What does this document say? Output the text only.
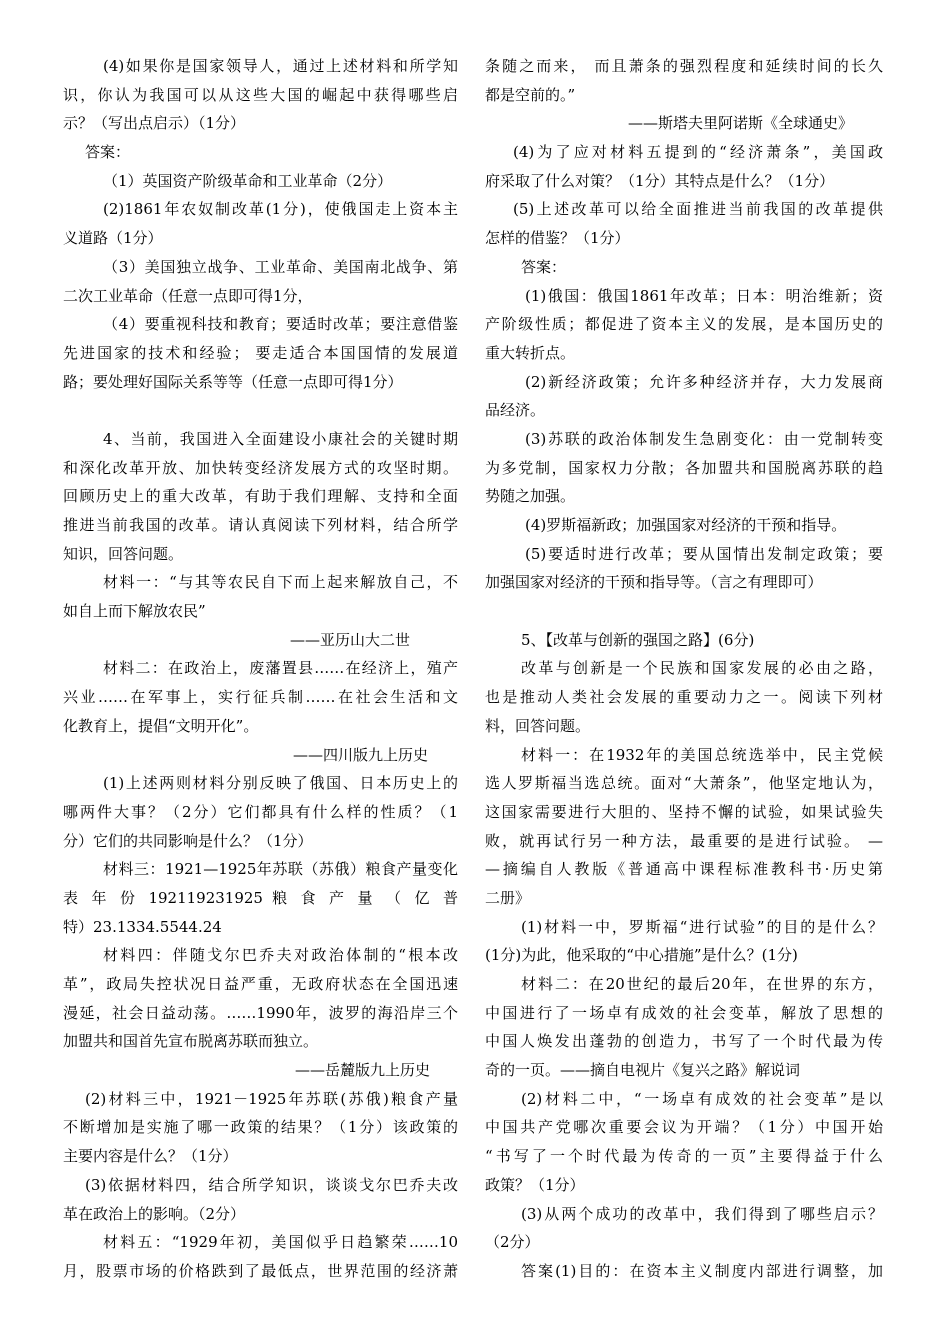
(4)如果你是国家领导人，通过上述材料和所学知
识，你认为我国可以从这些大国的崛起中获得哪些启
示？（写出点启示）（1分）
答案：
（1）英国资产阶级革命和工业革命（2分）
(2)1861年农奴制改革(1分)，使俄国走上资本主
义道路（1分）
（3）美国独立战争、工业革命、美国南北战争、第
二次工业革命（任意一点即可得1分，
（4）要重视科技和教育；要适时改革；要注意借鉴
先进国家的技术和经验； 要走适合本国国情的发展道
路；要处理好国际关系等等（任意一点即可得1分）
4、当前，我国进入全面建设小康社会的关键时期
和深化改革开放、加快转变经济发展方式的攻坚时期。
回顾历史上的重大改革，有助于我们理解、支持和全面
推进当前我国的改革。请认真阅读下列材料，结合所学
知识，回答问题。
材料一：“与其等农民自下而上起来解放自己，不
如自上而下解放农民”
——亚历山大二世
材料二：在政治上，废藩置县……在经济上，殖产
兴业……在军事上，实行征兵制……在社会生活和文
化教育上，提倡“文明开化”。
——四川版九上历史
(1)上述两则材料分别反映了俄国、日本历史上的
哪两件大事？（2分）它们都具有什么样的性质？（1
分）它们的共同影响是什么？（1分）
材料三：1921—1925年苏联（苏俄）粮食产量变化
表 年 份 192119231925 粮 食 产 量 （ 亿 普
特）23.1334.5544.24
材料四：伴随戈尔巴乔夫对政治体制的“根本改
革”，政局失控状况日益严重，无政府状态在全国迅速
漫延，社会日益动荡。……1990年，波罗的海沿岸三个
加盟共和国首先宣布脱离苏联而独立。
——岳麓版九上历史
(2)材料三中，1921－1925年苏联(苏俄)粮食产量
不断增加是实施了哪一政策的结果？（1分）该政策的
主要内容是什么？（1分）
(3)依据材料四，结合所学知识，谈谈戈尔巴乔夫改
革在政治上的影响。（2分）
材料五：“1929年初，美国似乎日趋繁荣……10
月，股票市场的价格跌到了最低点，世界范围的经济萧
条随之而来， 而且萧条的强烈程度和延续时间的长久
都是空前的。”
——斯塔夫里阿诺斯《全球通史》
(4)为了应对材料五提到的“经济萧条”，美国政
府采取了什么对策？（1分）其特点是什么？（1分）
(5)上述改革可以给全面推进当前我国的改革提供
怎样的借鉴？（1分）
答案：
(1)俄国：俄国1861年改革；日本：明治维新；资
产阶级性质；都促进了资本主义的发展，是本国历史的
重大转折点。
(2)新经济政策；允许多种经济并存，大力发展商
品经济。
(3)苏联的政治体制发生急剧变化：由一党制转变
为多党制，国家权力分散；各加盟共和国脱离苏联的趋
势随之加强。
(4)罗斯福新政；加强国家对经济的干预和指导。
(5)要适时进行改革；要从国情出发制定政策；要
加强国家对经济的干预和指导等。（言之有理即可）
5、【改革与创新的强国之路】(6分)
改革与创新是一个民族和国家发展的必由之路，
也是推动人类社会发展的重要动力之一。阅读下列材
料，回答问题。
材料一：在1932年的美国总统选举中，民主党候
选人罗斯福当选总统。面对“大萧条”，他坚定地认为，
这国家需要进行大胆的、坚持不懈的试验，如果试验失
败，就再试行另一种方法，最重要的是进行试验。 —
—摘编自人教版《普通高中课程标准教科书·历史第
二册》
(1)材料一中，罗斯福“进行试验”的目的是什么？
(1分)为此，他采取的“中心措施”是什么？(1分)
材料二：在20世纪的最后20年，在世界的东方，
中国进行了一场卓有成效的社会变革，解放了思想的
中国人焕发出蓬勃的创造力，书写了一个时代最为传
奇的一页。——摘自电视片《复兴之路》解说词
(2)材料二中，“一场卓有成效的社会变革”是以
中国共产党哪次重要会议为开端？（1分）中国开始
“书写了一个时代最为传奇的一页”主要得益于什么
政策？（1分）
(3)从两个成功的改革中，我们得到了哪些启示？
（2分）
答案(1)目的：在资本主义制度内部进行调整，加
